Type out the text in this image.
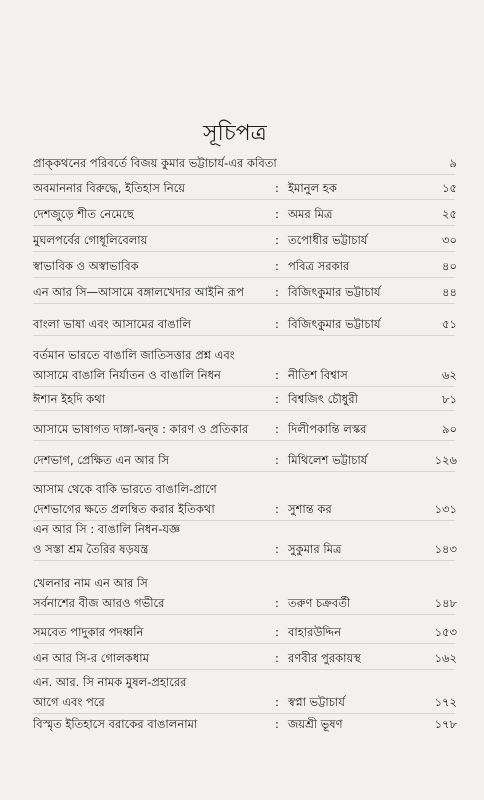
সূচিপত্র
প্রাক্‌কথনের পরিবর্তে বিজয় কুমার ভট্টাচার্য-এর কবিতা	৯
অবমাননার বিরুদ্ধে, ইতিহাস নিয়ে	: ইমানুল হক	১৫
দেশজুড়ে শীত নেমেছে	: অমর মিত্র	২৫
মুঘলপর্বের গোধূলিবেলায়	: তপোধীর ভট্টাচার্য	৩০
স্বাভাবিক ও অস্বাভাবিক	: পবিত্র সরকার	৪০
এন আর সি—আসামে বঙ্গালখেদার আইনি রূপ	: বিজিৎকুমার ভট্টাচার্য	৪৪
বাংলা ভাষা এবং আসামের বাঙালি	: বিজিৎকুমার ভট্টাচার্য	৫১
বর্তমান ভারতে বাঙালি জাতিসত্তার প্রশ্ন এবং
আসামে বাঙালি নির্যাতন ও বাঙালি নিধন	: নীতিশ বিশ্বাস	৬২
ঈশান ইহদি কথা	: বিশ্বজিৎ চৌধুরী	৮১
আসামে ভাষাগত দাঙ্গা-দ্বন্দ্ব : কারণ ও প্রতিকার : দিলীপকান্তি লস্কর	৯০
দেশভাগ, প্রেক্ষিত এন আর সি	: মিথিলেশ ভট্টাচার্য	১২৬
আসাম থেকে বাকি ভারতে বাঙালি-প্রাণে
দেশভাগের ক্ষতে প্রলম্বিত করার ইতিকথা	: সুশান্ত কর	১৩১
এন আর সি : বাঙালি নিধন-যজ্ঞ
ও সস্তা শ্রম তৈরির ষড়যন্ত্র	: সুকুমার মিত্র	১৪৩
খেলনার নাম এন আর সি
সর্বনাশের বীজ আরও গভীরে	: তরুণ চক্রবর্তী	১৪৮
সমবেত পাদুকার পদধ্বনি	: বাহারউদ্দিন	১৫৩
এন আর সি-র গোলকধাম	: রণবীর পুরকায়স্থ	১৬২
এন. আর. সি নামক মুষল-প্রহারের
আগে এবং পরে	: স্বপ্না ভট্টাচার্য	১৭২
বিস্মৃত ইতিহাসে বরাকের বাঙালনামা	: জয়শ্রী ভূষণ	১৭৮
